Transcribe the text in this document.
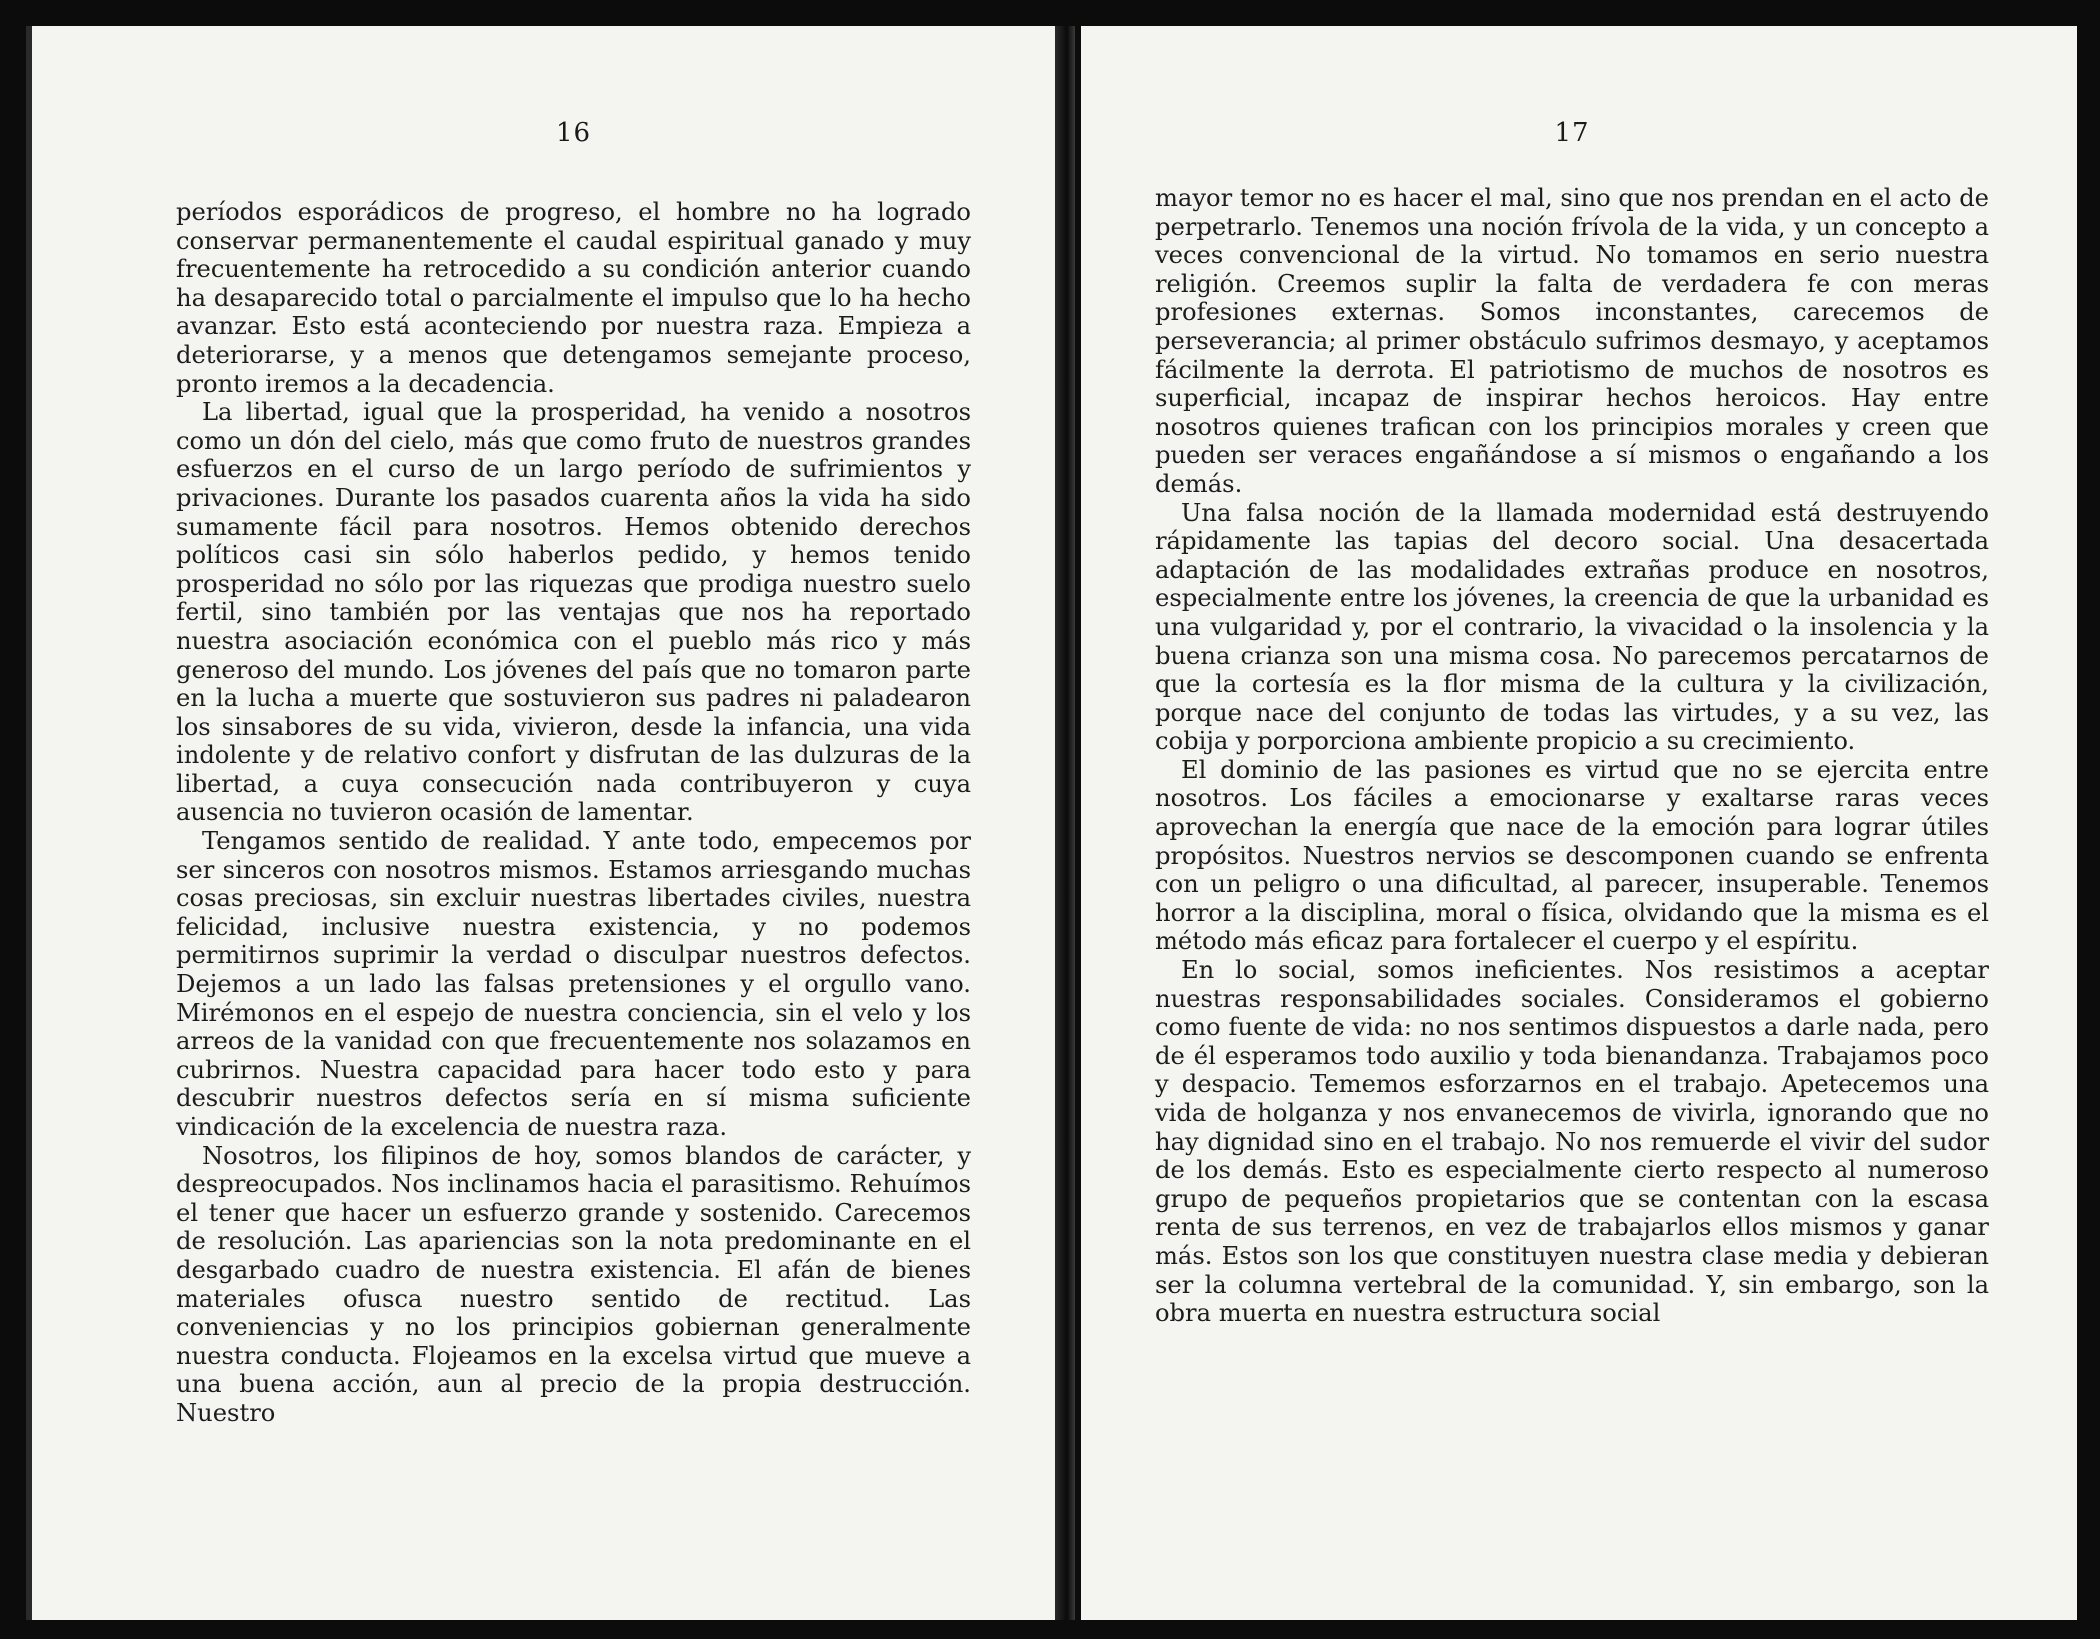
16

períodos esporádicos de progreso, el hombre no ha logrado conservar permanentemente el caudal espiritual ganado y muy frecuentemente ha retrocedido a su condición anterior cuando ha desaparecido total o parcialmente el impulso que lo ha hecho avanzar. Esto está aconteciendo por nuestra raza. Empieza a deteriorarse, y a menos que detengamos semejante proceso, pronto iremos a la decadencia.

La libertad, igual que la prosperidad, ha venido a nosotros como un dón del cielo, más que como fruto de nuestros grandes esfuerzos en el curso de un largo período de sufrimientos y privaciones. Durante los pasados cuarenta años la vida ha sido sumamente fácil para nosotros. Hemos obtenido derechos políticos casi sin sólo haberlos pedido, y hemos tenido prosperidad no sólo por las riquezas que prodiga nuestro suelo fertil, sino también por las ventajas que nos ha reportado nuestra asociación económica con el pueblo más rico y más generoso del mundo. Los jóvenes del país que no tomaron parte en la lucha a muerte que sostuvieron sus padres ni paladearon los sinsabores de su vida, vivieron, desde la infancia, una vida indolente y de relativo confort y disfrutan de las dulzuras de la libertad, a cuya consecución nada contribuyeron y cuya ausencia no tuvieron ocasión de lamentar.

Tengamos sentido de realidad. Y ante todo, empecemos por ser sinceros con nosotros mismos. Estamos arriesgando muchas cosas preciosas, sin excluir nuestras libertades civiles, nuestra felicidad, inclusive nuestra existencia, y no podemos permitirnos suprimir la verdad o disculpar nuestros defectos. Dejemos a un lado las falsas pretensiones y el orgullo vano. Mirémonos en el espejo de nuestra conciencia, sin el velo y los arreos de la vanidad con que frecuentemente nos solazamos en cubrirnos. Nuestra capacidad para hacer todo esto y para descubrir nuestros defectos sería en sí misma suficiente vindicación de la excelencia de nuestra raza.

Nosotros, los filipinos de hoy, somos blandos de carácter, y despreocupados. Nos inclinamos hacia el parasitismo. Rehuímos el tener que hacer un esfuerzo grande y sostenido. Carecemos de resolución. Las apariencias son la nota predominante en el desgarbado cuadro de nuestra existencia. El afán de bienes materiales ofusca nuestro sentido de rectitud. Las conveniencias y no los principios gobiernan generalmente nuestra conducta. Flojeamos en la excelsa virtud que mueve a una buena acción, aun al precio de la propia destrucción. Nuestro

17

mayor temor no es hacer el mal, sino que nos prendan en el acto de perpetrarlo. Tenemos una noción frívola de la vida, y un concepto a veces convencional de la virtud. No tomamos en serio nuestra religión. Creemos suplir la falta de verdadera fe con meras profesiones externas. Somos inconstantes, carecemos de perseverancia; al primer obstáculo sufrimos desmayo, y aceptamos fácilmente la derrota. El patriotismo de muchos de nosotros es superficial, incapaz de inspirar hechos heroicos. Hay entre nosotros quienes trafican con los principios morales y creen que pueden ser veraces engañándose a sí mismos o engañando a los demás.

Una falsa noción de la llamada modernidad está destruyendo rápidamente las tapias del decoro social. Una desacertada adaptación de las modalidades extrañas produce en nosotros, especialmente entre los jóvenes, la creencia de que la urbanidad es una vulgaridad y, por el contrario, la vivacidad o la insolencia y la buena crianza son una misma cosa. No parecemos percatarnos de que la cortesía es la flor misma de la cultura y la civilización, porque nace del conjunto de todas las virtudes, y a su vez, las cobija y porporciona ambiente propicio a su crecimiento.

El dominio de las pasiones es virtud que no se ejercita entre nosotros. Los fáciles a emocionarse y exaltarse raras veces aprovechan la energía que nace de la emoción para lograr útiles propósitos. Nuestros nervios se descomponen cuando se enfrenta con un peligro o una dificultad, al parecer, insuperable. Tenemos horror a la disciplina, moral o física, olvidando que la misma es el método más eficaz para fortalecer el cuerpo y el espíritu.

En lo social, somos ineficientes. Nos resistimos a aceptar nuestras responsabilidades sociales. Consideramos el gobierno como fuente de vida: no nos sentimos dispuestos a darle nada, pero de él esperamos todo auxilio y toda bienandanza. Trabajamos poco y despacio. Tememos esforzarnos en el trabajo. Apetecemos una vida de holganza y nos envanecemos de vivirla, ignorando que no hay dignidad sino en el trabajo. No nos remuerde el vivir del sudor de los demás. Esto es especialmente cierto respecto al numeroso grupo de pequeños propietarios que se contentan con la escasa renta de sus terrenos, en vez de trabajarlos ellos mismos y ganar más. Estos son los que constituyen nuestra clase media y debieran ser la columna vertebral de la comunidad. Y, sin embargo, son la obra muerta en nuestra estructura social
